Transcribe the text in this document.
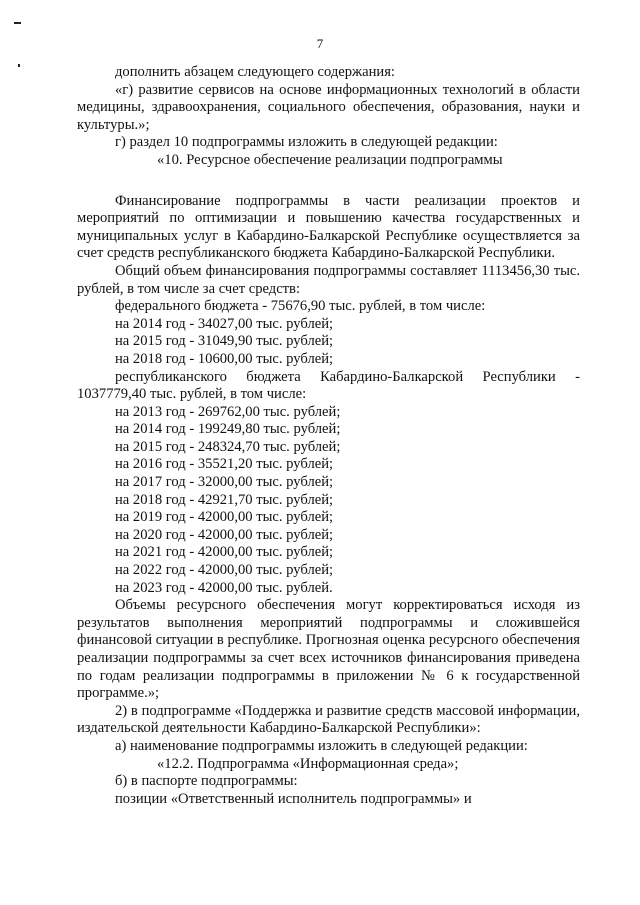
7

дополнить абзацем следующего содержания:

«г) развитие сервисов на основе информационных технологий в области медицины, здравоохранения, социального обеспечения, образования, науки и культуры.»;

г) раздел 10 подпрограммы изложить в следующей редакции:

«10. Ресурсное обеспечение реализации подпрограммы

Финансирование подпрограммы в части реализации проектов и мероприятий по оптимизации и повышению качества государственных и муниципальных услуг в Кабардино-Балкарской Республике осуществляется за счет средств республиканского бюджета Кабардино-Балкарской Республики.

Общий объем финансирования подпрограммы составляет 1113456,30 тыс. рублей, в том числе за счет средств:

федерального бюджета - 75676,90 тыс. рублей, в том числе:

на 2014 год - 34027,00 тыс. рублей;

на 2015 год - 31049,90 тыс. рублей;

на 2018 год - 10600,00 тыс. рублей;

республиканского бюджета Кабардино-Балкарской Республики - 1037779,40 тыс. рублей, в том числе:

на 2013 год - 269762,00 тыс. рублей;

на 2014 год - 199249,80 тыс. рублей;

на 2015 год - 248324,70 тыс. рублей;

на 2016 год - 35521,20 тыс. рублей;

на 2017 год - 32000,00 тыс. рублей;

на 2018 год - 42921,70 тыс. рублей;

на 2019 год - 42000,00 тыс. рублей;

на 2020 год - 42000,00 тыс. рублей;

на 2021 год - 42000,00 тыс. рублей;

на 2022 год - 42000,00 тыс. рублей;

на 2023 год - 42000,00 тыс. рублей.

Объемы ресурсного обеспечения могут корректироваться исходя из результатов выполнения мероприятий подпрограммы и сложившейся финансовой ситуации в республике. Прогнозная оценка ресурсного обеспечения реализации подпрограммы за счет всех источников финансирования приведена по годам реализации подпрограммы в приложении № 6 к государственной программе.»;

2) в подпрограмме «Поддержка и развитие средств массовой информации, издательской деятельности Кабардино-Балкарской Республики»:

а) наименование подпрограммы изложить в следующей редакции:

«12.2. Подпрограмма «Информационная среда»;

б) в паспорте подпрограммы:

позиции «Ответственный исполнитель подпрограммы» и
